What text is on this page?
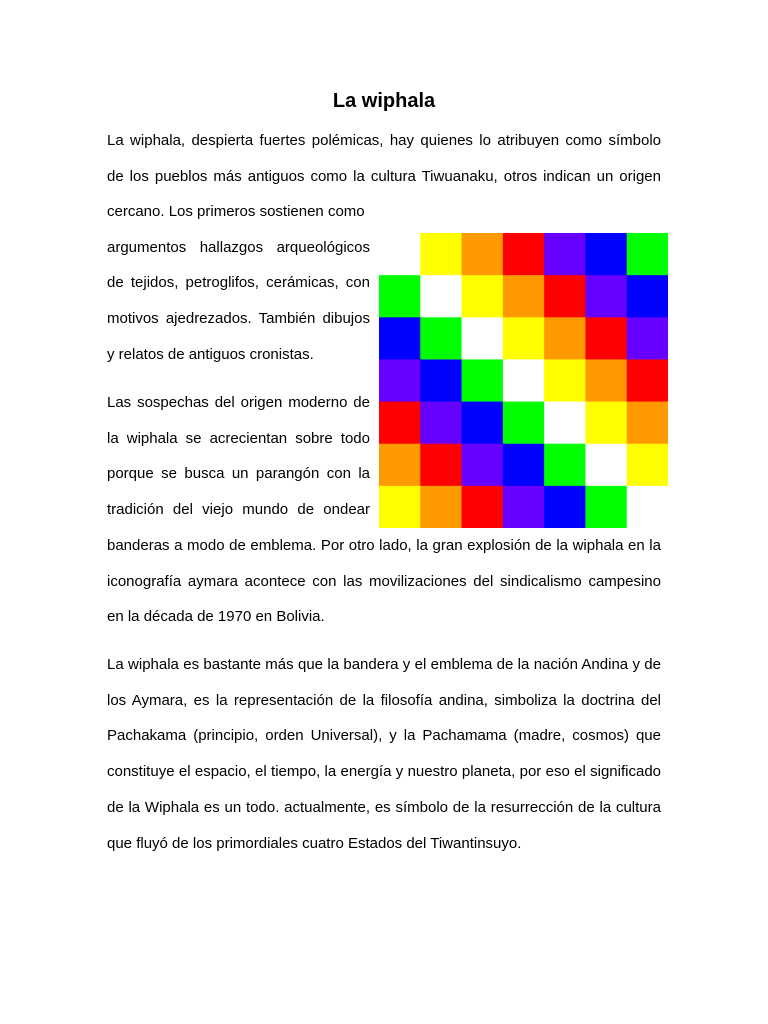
La wiphala
La wiphala, despierta fuertes polémicas, hay quienes lo atribuyen como símbolo
de los pueblos más antiguos como la cultura Tiwuanaku, otros indican un origen
cercano. Los primeros sostienen como
argumentos hallazgos arqueológicos
de tejidos, petroglifos, cerámicas, con
motivos ajedrezados. También dibujos
y relatos de antiguos cronistas.
Las sospechas del origen moderno de
la wiphala se acrecientan sobre todo
porque se busca un parangón con la
tradición del viejo mundo de ondear
banderas a modo de emblema. Por otro lado, la gran explosión de la wiphala en la
iconografía aymara acontece con las movilizaciones del sindicalismo campesino
en la década de 1970 en Bolivia.
La wiphala es bastante más que la bandera y el emblema de la nación Andina y de
los Aymara, es la representación de la filosofía andina, simboliza la doctrina del
Pachakama (principio, orden Universal), y la Pachamama (madre, cosmos) que
constituye el espacio, el tiempo, la energía y nuestro planeta, por eso el significado
de la Wiphala es un todo. actualmente, es símbolo de la resurrección de la cultura
que fluyó de los primordiales cuatro Estados del Tiwantinsuyo.
